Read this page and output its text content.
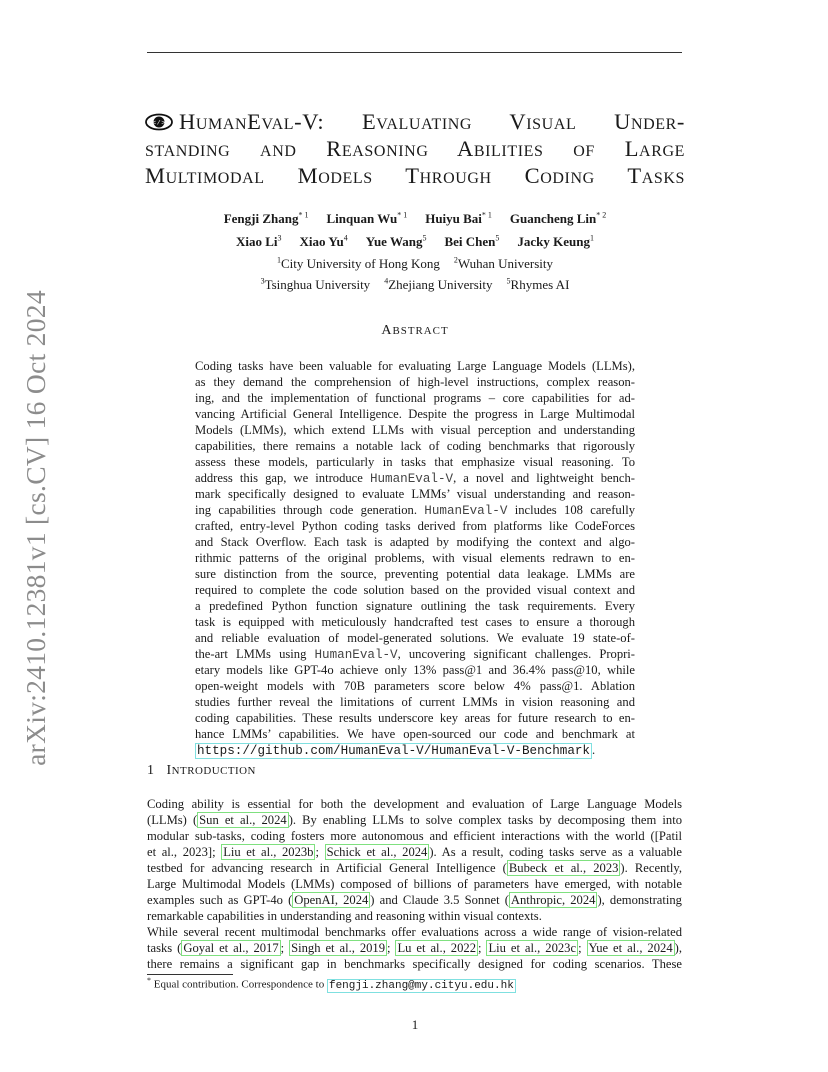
arXiv:2410.12381v1 [cs.CV] 16 Oct 2024
</> HumanEval-V: Evaluating Visual Under-
standing and Reasoning Abilities of Large
Multimodal Models Through Coding Tasks
Fengji Zhang$^{* 1}$ Linquan Wu$^{* 1}$ Huiyu Bai$^{* 1}$ Guancheng Lin$^{* 2}$
Xiao Li$^3$ Xiao Yu$^4$ Yue Wang$^5$ Bei Chen$^5$ Jacky Keung$^1$
$^1$City University of Hong Kong $^2$Wuhan University
$^3$Tsinghua University $^4$Zhejiang University $^5$Rhymes AI
ABSTRACT
Coding tasks have been valuable for evaluating Large Language Models (LLMs),
as they demand the comprehension of high-level instructions, complex reason-
ing, and the implementation of functional programs – core capabilities for ad-
vancing Artificial General Intelligence. Despite the progress in Large Multimodal
Models (LMMs), which extend LLMs with visual perception and understanding
capabilities, there remains a notable lack of coding benchmarks that rigorously
assess these models, particularly in tasks that emphasize visual reasoning. To
address this gap, we introduce HumanEval-V, a novel and lightweight bench-
mark specifically designed to evaluate LMMs’ visual understanding and reason-
ing capabilities through code generation. HumanEval-V includes 108 carefully
crafted, entry-level Python coding tasks derived from platforms like CodeForces
and Stack Overflow. Each task is adapted by modifying the context and algo-
rithmic patterns of the original problems, with visual elements redrawn to en-
sure distinction from the source, preventing potential data leakage. LMMs are
required to complete the code solution based on the provided visual context and
a predefined Python function signature outlining the task requirements. Every
task is equipped with meticulously handcrafted test cases to ensure a thorough
and reliable evaluation of model-generated solutions. We evaluate 19 state-of-
the-art LMMs using HumanEval-V, uncovering significant challenges. Propri-
etary models like GPT-4o achieve only 13% pass@1 and 36.4% pass@10, while
open-weight models with 70B parameters score below 4% pass@1. Ablation
studies further reveal the limitations of current LMMs in vision reasoning and
coding capabilities. These results underscore key areas for future research to en-
hance LMMs’ capabilities. We have open-sourced our code and benchmark at
https://github.com/HumanEval-V/HumanEval-V-Benchmark .
1 INTRODUCTION
Coding ability is essential for both the development and evaluation of Large Language Models
(LLMs) ( Sun et al., 2024 ). By enabling LLMs to solve complex tasks by decomposing them into
modular sub-tasks, coding fosters more autonomous and efficient interactions with the world ([Patil
et al., 2023]; Liu et al., 2023b ; Schick et al., 2024 ). As a result, coding tasks serve as a valuable
testbed for advancing research in Artificial General Intelligence ( Bubeck et al., 2023 ). Recently,
Large Multimodal Models (LMMs) composed of billions of parameters have emerged, with notable
examples such as GPT-4o ( OpenAI, 2024 ) and Claude 3.5 Sonnet ( Anthropic, 2024 ), demonstrating
remarkable capabilities in understanding and reasoning within visual contexts.
While several recent multimodal benchmarks offer evaluations across a wide range of vision-related
tasks ( Goyal et al., 2017 ; Singh et al., 2019 ; Lu et al., 2022 ; Liu et al., 2023c ; Yue et al., 2024 ),
there remains a significant gap in benchmarks specifically designed for coding scenarios. These
* Equal contribution. Correspondence to fengji.zhang@my.cityu.edu.hk
1
